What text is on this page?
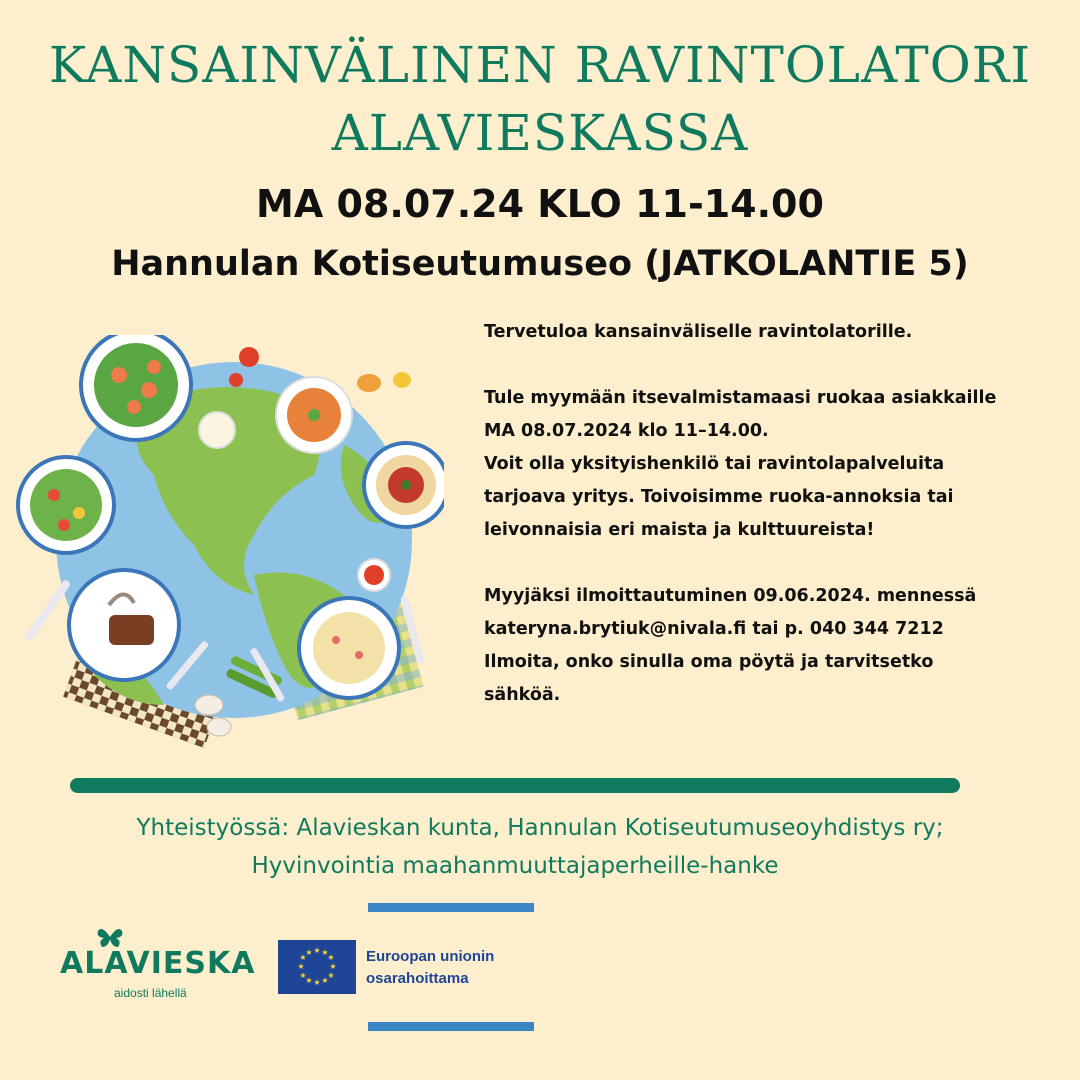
KANSAINVÄLINEN RAVINTOLATORI
ALAVIESKASSA
MA 08.07.24 KLO 11-14.00
Hannulan Kotiseutumuseo (JATKOLANTIE 5)

Tervetuloa kansainväliselle ravintolatorille.

Tule myymään itsevalmistamaasi ruokaa asiakkaille

MA 08.07.2024 klo 11–14.00.

Voit olla yksityishenkilö tai ravintolapalveluita

tarjoava yritys. Toivoisimme ruoka-annoksia tai

leivonnaisia eri maista ja kulttuureista!

Myyjäksi ilmoittautuminen 09.06.2024. mennessä

kateryna.brytiuk@nivala.fi tai p. 040 344 7212

Ilmoita, onko sinulla oma pöytä ja tarvitsetko

sähköä.

Yhteistyössä: Alavieskan kunta, Hannulan Kotiseutumuseoyhdistys ry;
Hyvinvointia maahanmuuttajaperheille-hanke
ALAVIESKA
aidosti lähellä
★ ★
★
★
★
★
★
★
★
★
★
★	Euroopan unionin
osarahoittama
